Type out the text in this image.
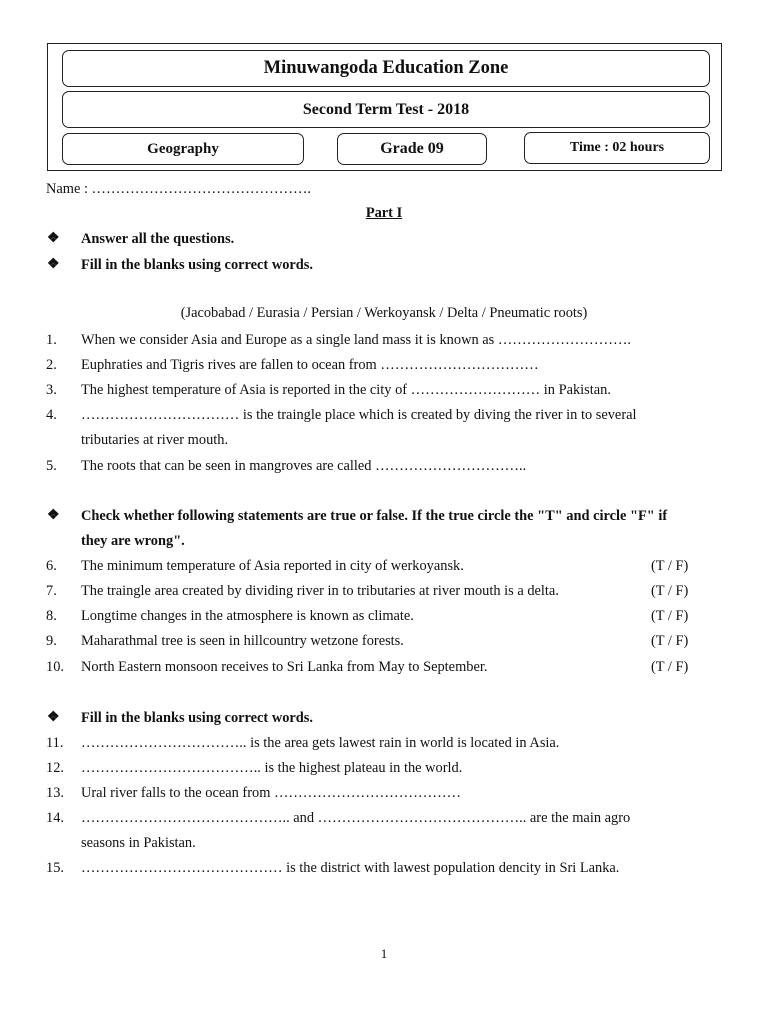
Minuwangoda Education Zone
Second Term Test - 2018
Geography	Grade 09	Time : 02 hours
Name : ……………………………………….
Part I
❖ Answer all the questions.
❖ Fill in the blanks using correct words.
(Jacobabad / Eurasia / Persian / Werkoyansk / Delta / Pneumatic roots)
1. When we consider Asia and Europe as a single land mass it is known as ……………………….
2. Euphraties and Tigris rives are fallen to ocean from ……………………………
3. The highest temperature of Asia is reported in the city of ……………………… in Pakistan.
4. …………………………… is the traingle place which is created by diving the river in to several
tributaries at river mouth.
5. The roots that can be seen in mangroves are called …………………………..
❖ Check whether following statements are true or false. If the true circle the "T" and circle "F" if
they are wrong".
6. The minimum temperature of Asia reported in city of werkoyansk.	(T / F)
7. The traingle area created by dividing river in to tributaries at river mouth is a delta.	(T / F)
8. Longtime changes in the atmosphere is known as climate.	(T / F)
9. Maharathmal tree is seen in hillcountry wetzone forests.	(T / F)
10. North Eastern monsoon receives to Sri Lanka from May to September.	(T / F)
❖ Fill in the blanks using correct words.
11. …………………………….. is the area gets lawest rain in world is located in Asia.
12. ……………………………….. is the highest plateau in the world.
13. Ural river falls to the ocean from …………………………………
14. …………………………………….. and …………………………………….. are the main agro
seasons in Pakistan.
15. …………………………………… is the district with lawest population dencity in Sri Lanka.
1
